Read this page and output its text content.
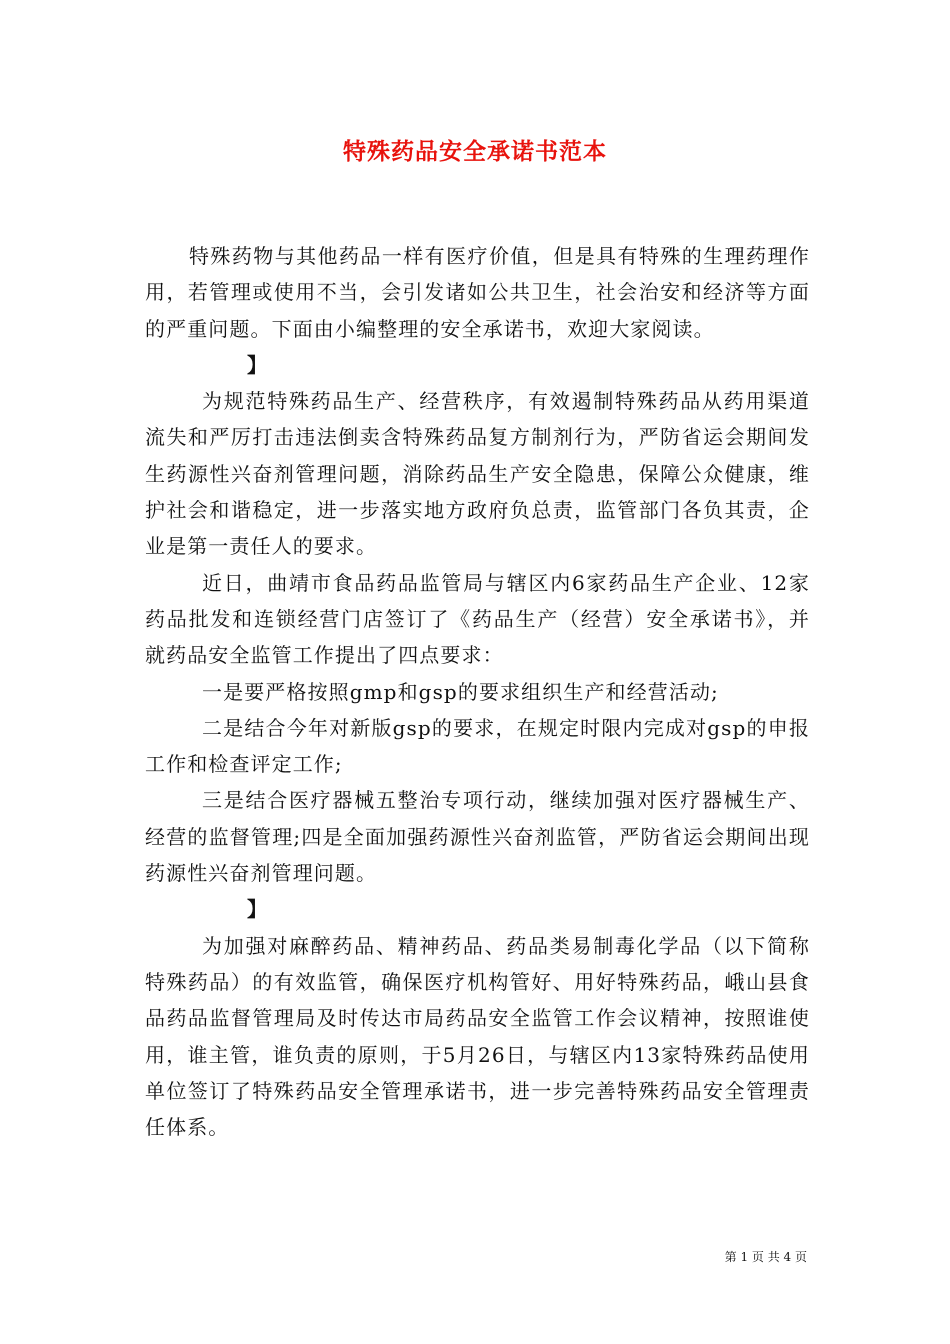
特殊药品安全承诺书范本

特殊药物与其他药品一样有医疗价值，但是具有特殊的生理药理作用，若管理或使用不当，会引发诸如公共卫生，社会治安和经济等方面的严重问题。下面由小编整理的安全承诺书，欢迎大家阅读。

】

为规范特殊药品生产、经营秩序，有效遏制特殊药品从药用渠道流失和严厉打击违法倒卖含特殊药品复方制剂行为，严防省运会期间发生药源性兴奋剂管理问题，消除药品生产安全隐患，保障公众健康，维护社会和谐稳定，进一步落实地方政府负总责，监管部门各负其责，企业是第一责任人的要求。

近日，曲靖市食品药品监管局与辖区内6家药品生产企业、12家药品批发和连锁经营门店签订了《药品生产（经营）安全承诺书》，并就药品安全监管工作提出了四点要求：

一是要严格按照gmp和gsp的要求组织生产和经营活动;

二是结合今年对新版gsp的要求，在规定时限内完成对gsp的申报工作和检查评定工作;

三是结合医疗器械五整治专项行动，继续加强对医疗器械生产、经营的监督管理;四是全面加强药源性兴奋剂监管，严防省运会期间出现药源性兴奋剂管理问题。

】

为加强对麻醉药品、精神药品、药品类易制毒化学品（以下简称特殊药品）的有效监管，确保医疗机构管好、用好特殊药品，峨山县食品药品监督管理局及时传达市局药品安全监管工作会议精神，按照谁使用，谁主管，谁负责的原则，于5月26日，与辖区内13家特殊药品使用单位签订了特殊药品安全管理承诺书，进一步完善特殊药品安全管理责任体系。

第 1 页 共 4 页
